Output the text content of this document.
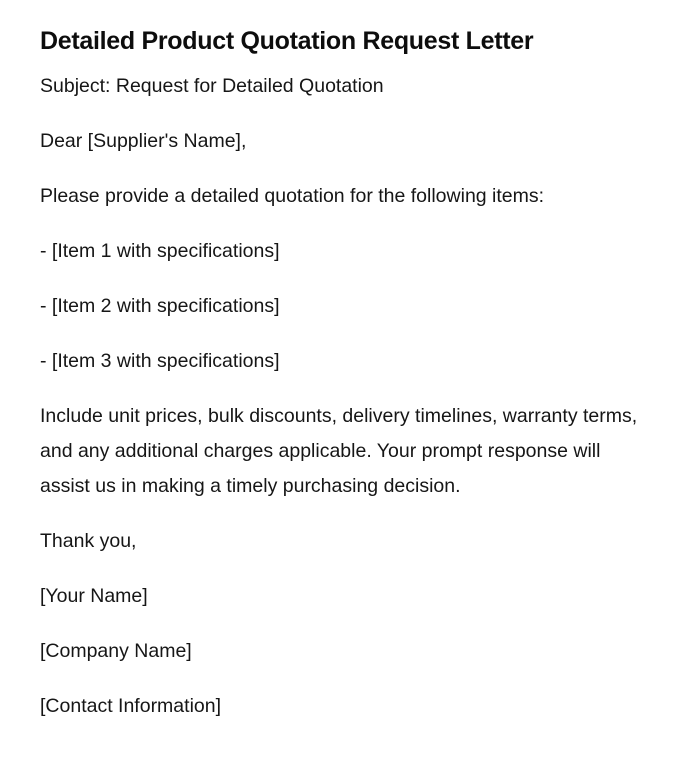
Detailed Product Quotation Request Letter

Subject: Request for Detailed Quotation

Dear [Supplier's Name],

Please provide a detailed quotation for the following items:

- [Item 1 with specifications]

- [Item 2 with specifications]

- [Item 3 with specifications]

Include unit prices, bulk discounts, delivery timelines, warranty terms, and any additional charges applicable. Your prompt response will assist us in making a timely purchasing decision.

Thank you,

[Your Name]

[Company Name]

[Contact Information]
